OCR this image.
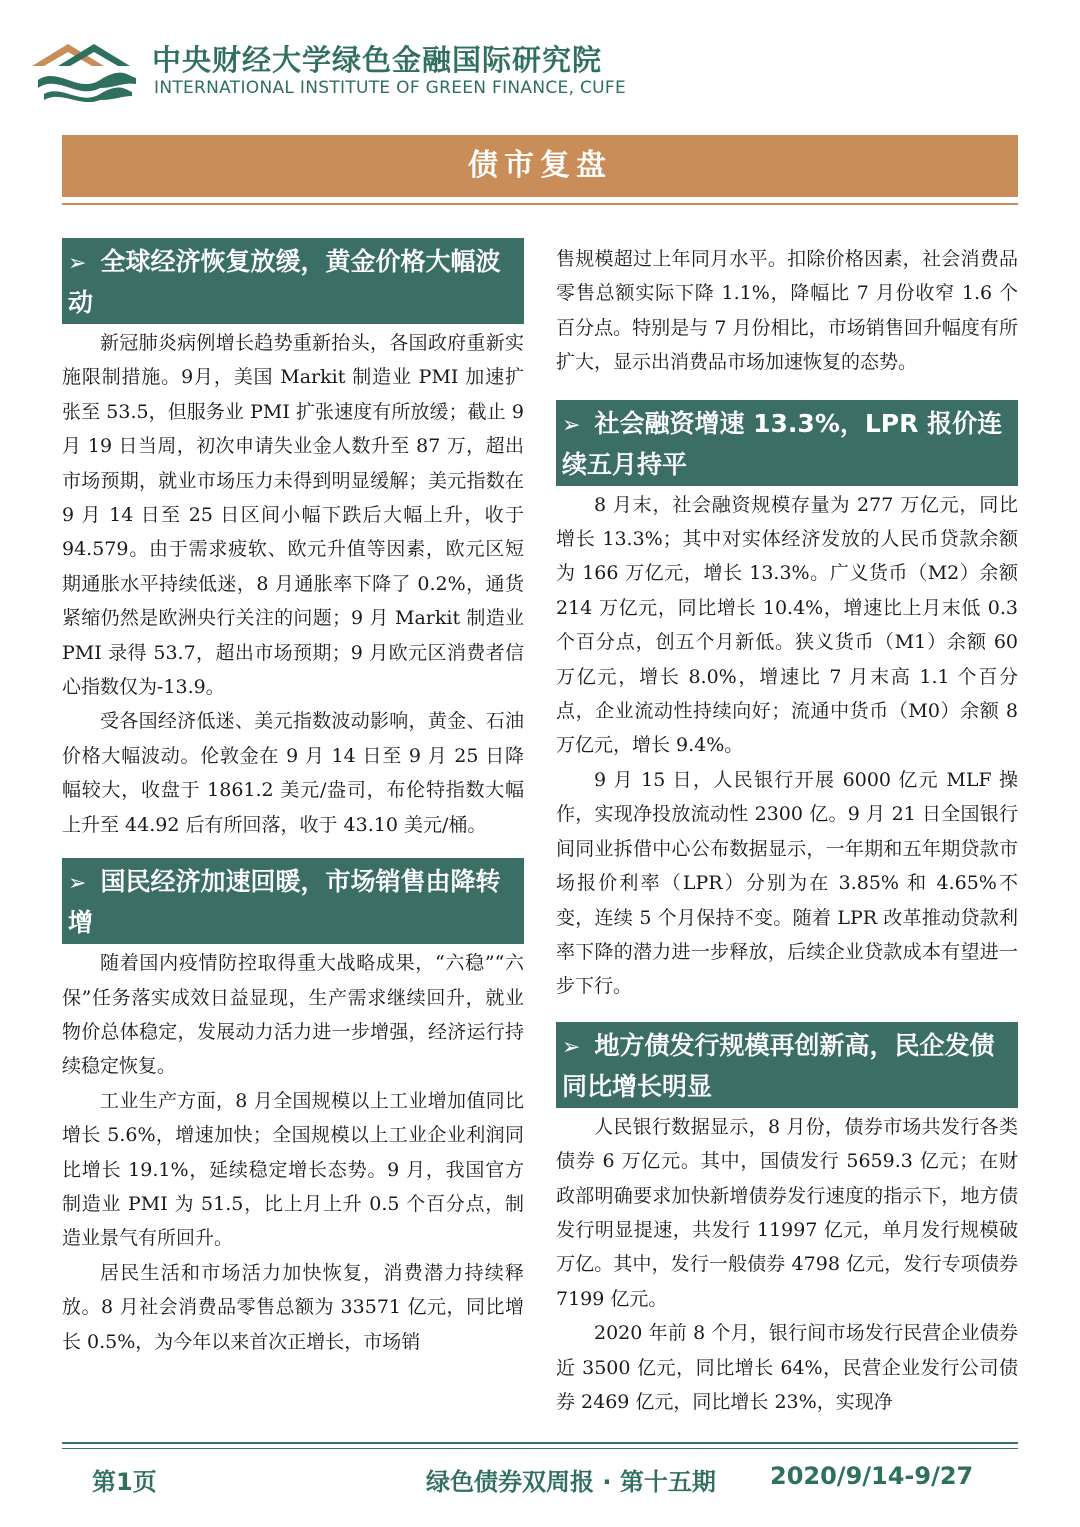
中央财经大学绿色金融国际研究院
INTERNATIONAL INSTITUTE OF GREEN FINANCE, CUFE
债市复盘
➢ 全球经济恢复放缓，黄金价格大幅波动

新冠肺炎病例增长趋势重新抬头，各国政府重新实施限制措施。9月，美国 Markit 制造业 PMI 加速扩张至 53.5，但服务业 PMI 扩张速度有所放缓；截止 9 月 19 日当周，初次申请失业金人数升至 87 万，超出市场预期，就业市场压力未得到明显缓解；美元指数在 9 月 14 日至 25 日区间小幅下跌后大幅上升，收于 94.579。由于需求疲软、欧元升值等因素，欧元区短期通胀水平持续低迷，8 月通胀率下降了 0.2%，通货紧缩仍然是欧洲央行关注的问题；9 月 Markit 制造业 PMI 录得 53.7，超出市场预期；9 月欧元区消费者信心指数仅为-13.9。

受各国经济低迷、美元指数波动影响，黄金、石油价格大幅波动。伦敦金在 9 月 14 日至 9 月 25 日降幅较大，收盘于 1861.2 美元/盎司，布伦特指数大幅上升至 44.92 后有所回落，收于 43.10 美元/桶。

➢ 国民经济加速回暖，市场销售由降转增

随着国内疫情防控取得重大战略成果，“六稳”“六保”任务落实成效日益显现，生产需求继续回升，就业物价总体稳定，发展动力活力进一步增强，经济运行持续稳定恢复。

工业生产方面，8 月全国规模以上工业增加值同比增长 5.6%，增速加快；全国规模以上工业企业利润同比增长 19.1%，延续稳定增长态势。9 月，我国官方制造业 PMI 为 51.5，比上月上升 0.5 个百分点，制造业景气有所回升。

居民生活和市场活力加快恢复，消费潜力持续释放。8 月社会消费品零售总额为 33571 亿元，同比增长 0.5%，为今年以来首次正增长，市场销

售规模超过上年同月水平。扣除价格因素，社会消费品零售总额实际下降 1.1%，降幅比 7 月份收窄 1.6 个百分点。特别是与 7 月份相比，市场销售回升幅度有所扩大，显示出消费品市场加速恢复的态势。

➢ 社会融资增速 13.3%，LPR 报价连续五月持平

8 月末，社会融资规模存量为 277 万亿元，同比增长 13.3%；其中对实体经济发放的人民币贷款余额为 166 万亿元，增长 13.3%。广义货币（M2）余额 214 万亿元，同比增长 10.4%，增速比上月末低 0.3 个百分点，创五个月新低。狭义货币（M1）余额 60 万亿元，增长 8.0%，增速比 7 月末高 1.1 个百分点，企业流动性持续向好；流通中货币（M0）余额 8 万亿元，增长 9.4%。

9 月 15 日，人民银行开展 6000 亿元 MLF 操作，实现净投放流动性 2300 亿。9 月 21 日全国银行间同业拆借中心公布数据显示，一年期和五年期贷款市场报价利率（LPR）分别为在 3.85% 和 4.65%不变，连续 5 个月保持不变。随着 LPR 改革推动贷款利率下降的潜力进一步释放，后续企业贷款成本有望进一步下行。

➢ 地方债发行规模再创新高，民企发债同比增长明显

人民银行数据显示，8 月份，债券市场共发行各类债券 6 万亿元。其中，国债发行 5659.3 亿元；在财政部明确要求加快新增债券发行速度的指示下，地方债发行明显提速，共发行 11997 亿元，单月发行规模破万亿。其中，发行一般债券 4798 亿元，发行专项债券 7199 亿元。

2020 年前 8 个月，银行间市场发行民营企业债券近 3500 亿元，同比增长 64%，民营企业发行公司债券 2469 亿元，同比增长 23%，实现净

第1页	绿色债券双周报 · 第十五期 2020/9/14-9/27
